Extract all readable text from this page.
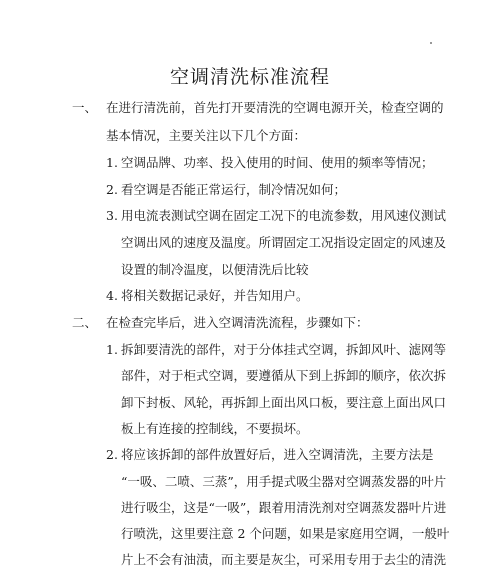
空调清洗标准流程
一、 在进行清洗前，首先打开要清洗的空调电源开关，检查空调的
基本情况，主要关注以下几个方面：
1. 空调品牌、功率、投入使用的时间、使用的频率等情况；
2. 看空调是否能正常运行，制冷情况如何；
3. 用电流表测试空调在固定工况下的电流参数，用风速仪测试
空调出风的速度及温度。所谓固定工况指设定固定的风速及
设置的制冷温度，以便清洗后比较
4. 将相关数据记录好，并告知用户。
二、 在检查完毕后，进入空调清洗流程，步骤如下：
1. 拆卸要清洗的部件，对于分体挂式空调，拆卸风叶、滤网等
部件，对于柜式空调，要遵循从下到上拆卸的顺序，依次拆
卸下封板、风轮，再拆卸上面出风口板，要注意上面出风口
板上有连接的控制线，不要损坏。
2. 将应该拆卸的部件放置好后，进入空调清洗，主要方法是
“一吸、二喷、三蒸”，用手提式吸尘器对空调蒸发器的叶片
进行吸尘，这是“一吸”，跟着用清洗剂对空调蒸发器叶片进
行喷洗，这里要注意 2 个问题，如果是家庭用空调，一般叶
片上不会有油渍，而主要是灰尘，可采用专用于去尘的清洗
